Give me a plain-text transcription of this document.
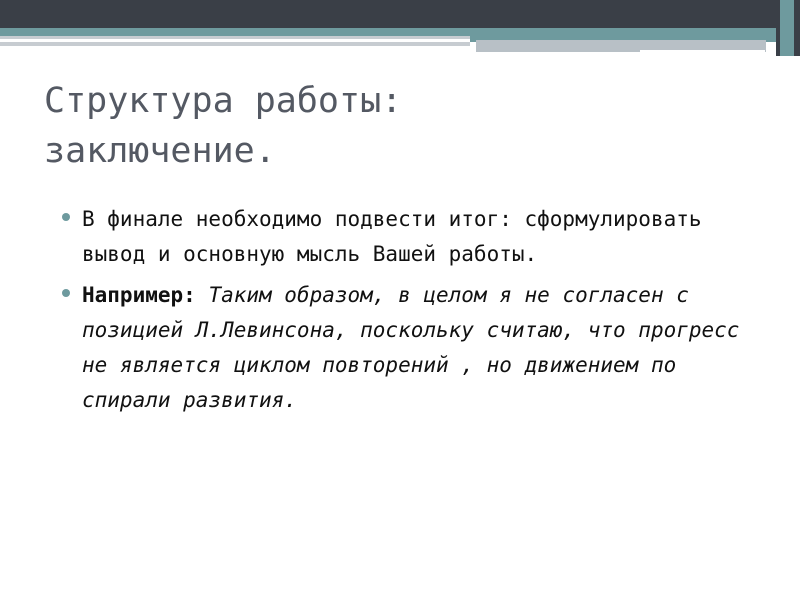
Структура работы:
заключение.
В финале необходимо подвести итог: сформулировать вывод и основную мысль Вашей работы.
Например: Таким образом, в целом я не согласен с позицией Л.Левинсона, поскольку считаю, что прогресс не является циклом повторений , но движением по спирали развития.
